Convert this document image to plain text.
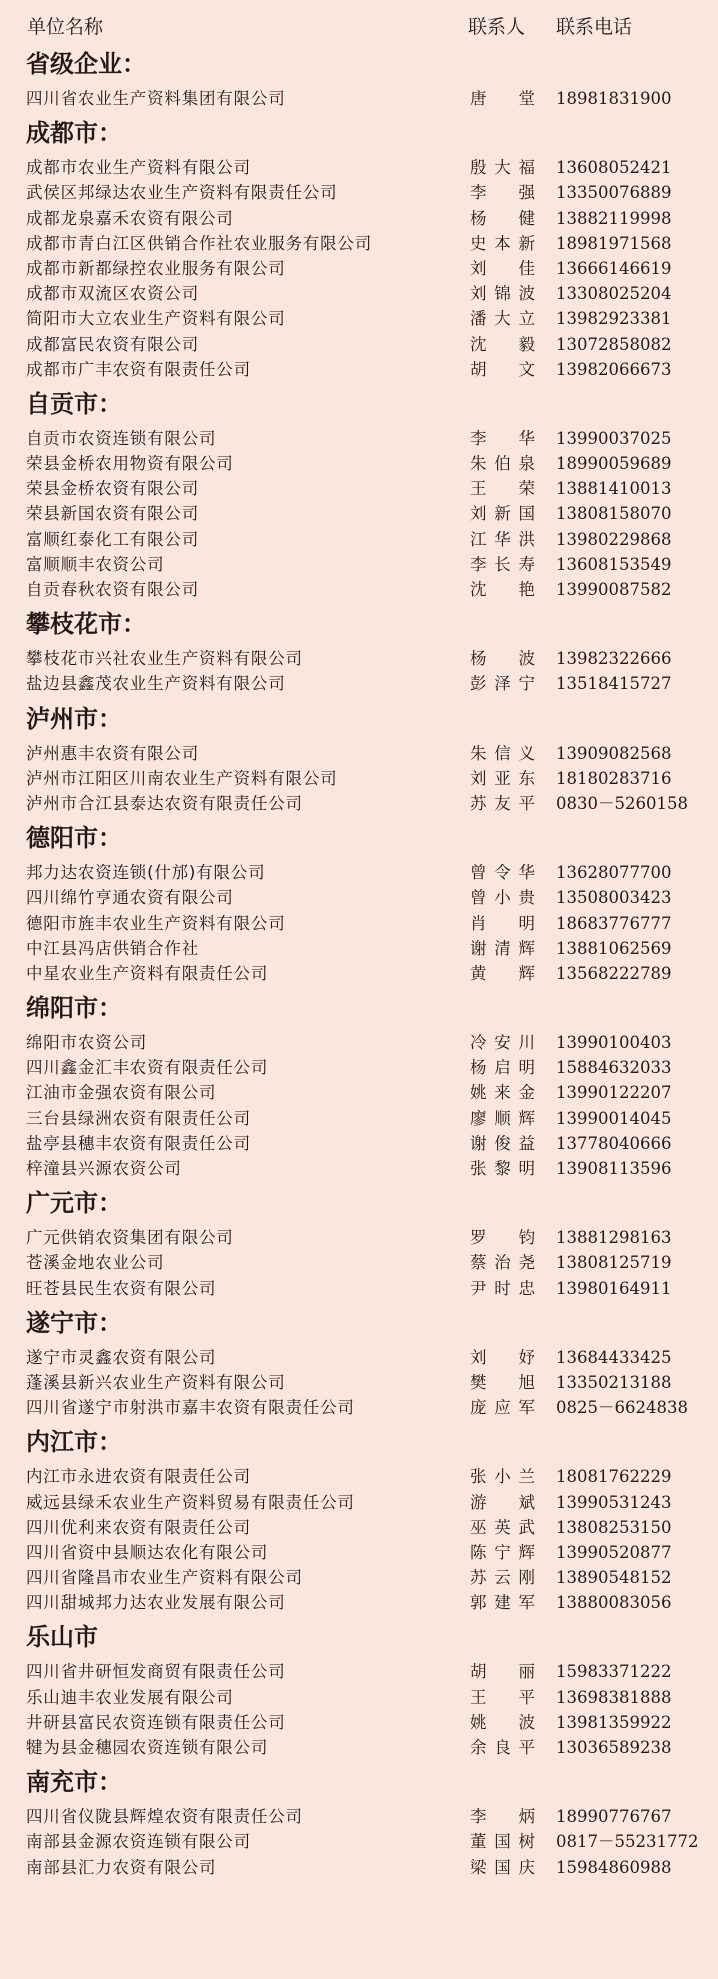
单位名称	联系人 联系电话
省级企业：
四川省农业生产资料集团有限公司	唐　堂 18981831900
成都市：
成都市农业生产资料有限公司	殷大福 13608052421
武侯区邦绿达农业生产资料有限责任公司	李　强 13350076889
成都龙泉嘉禾农资有限公司	杨　健 13882119998
成都市青白江区供销合作社农业服务有限公司	史本新 18981971568
成都市新都绿控农业服务有限公司	刘　佳 13666146619
成都市双流区农资公司	刘锦波 13308025204
简阳市大立农业生产资料有限公司	潘大立 13982923381
成都富民农资有限公司	沈　毅 13072858082
成都市广丰农资有限责任公司	胡　文 13982066673
自贡市：
自贡市农资连锁有限公司	李　华 13990037025
荣县金桥农用物资有限公司	朱伯泉 18990059689
荣县金桥农资有限公司	王　荣 13881410013
荣县新国农资有限公司	刘新国 13808158070
富顺红泰化工有限公司	江华洪 13980229868
富顺顺丰农资公司	李长寿 13608153549
自贡春秋农资有限公司	沈　艳 13990087582
攀枝花市：
攀枝花市兴社农业生产资料有限公司	杨　波 13982322666
盐边县鑫茂农业生产资料有限公司	彭泽宁 13518415727
泸州市：
泸州惠丰农资有限公司	朱信义 13909082568
泸州市江阳区川南农业生产资料有限公司	刘亚东 18180283716
泸州市合江县泰达农资有限责任公司	苏友平 0830－5260158
德阳市：
邦力达农资连锁(什邡)有限公司	曾令华 13628077700
四川绵竹亨通农资有限公司	曾小贵 13508003423
德阳市旌丰农业生产资料有限公司	肖　明 18683776777
中江县冯店供销合作社	谢清辉 13881062569
中星农业生产资料有限责任公司	黄　辉 13568222789
绵阳市：
绵阳市农资公司	冷安川 13990100403
四川鑫金汇丰农资有限责任公司	杨启明 15884632033
江油市金强农资有限公司	姚来金 13990122207
三台县绿洲农资有限责任公司	廖顺辉 13990014045
盐亭县穗丰农资有限责任公司	谢俊益 13778040666
梓潼县兴源农资公司	张黎明 13908113596
广元市：
广元供销农资集团有限公司	罗　钧 13881298163
苍溪金地农业公司	蔡治尧 13808125719
旺苍县民生农资有限公司	尹时忠 13980164911
遂宁市：
遂宁市灵鑫农资有限公司	刘　妤 13684433425
蓬溪县新兴农业生产资料有限公司	樊　旭 13350213188
四川省遂宁市射洪市嘉丰农资有限责任公司	庞应军 0825－6624838
内江市：
内江市永进农资有限责任公司	张小兰 18081762229
威远县绿禾农业生产资料贸易有限责任公司	游　斌 13990531243
四川优利来农资有限责任公司	巫英武 13808253150
四川省资中县顺达农化有限公司	陈宁辉 13990520877
四川省隆昌市农业生产资料有限公司	苏云刚 13890548152
四川甜城邦力达农业发展有限公司	郭建军 13880083056
乐山市
四川省井研恒发商贸有限责任公司	胡　丽 15983371222
乐山迪丰农业发展有限公司	王　平 13698381888
井研县富民农资连锁有限责任公司	姚　波 13981359922
犍为县金穗园农资连锁有限公司	余良平 13036589238
南充市：
四川省仪陇县辉煌农资有限责任公司	李　炳 18990776767
南部县金源农资连锁有限公司	董国树 0817－55231772
南部县汇力农资有限公司	梁国庆 15984860988
